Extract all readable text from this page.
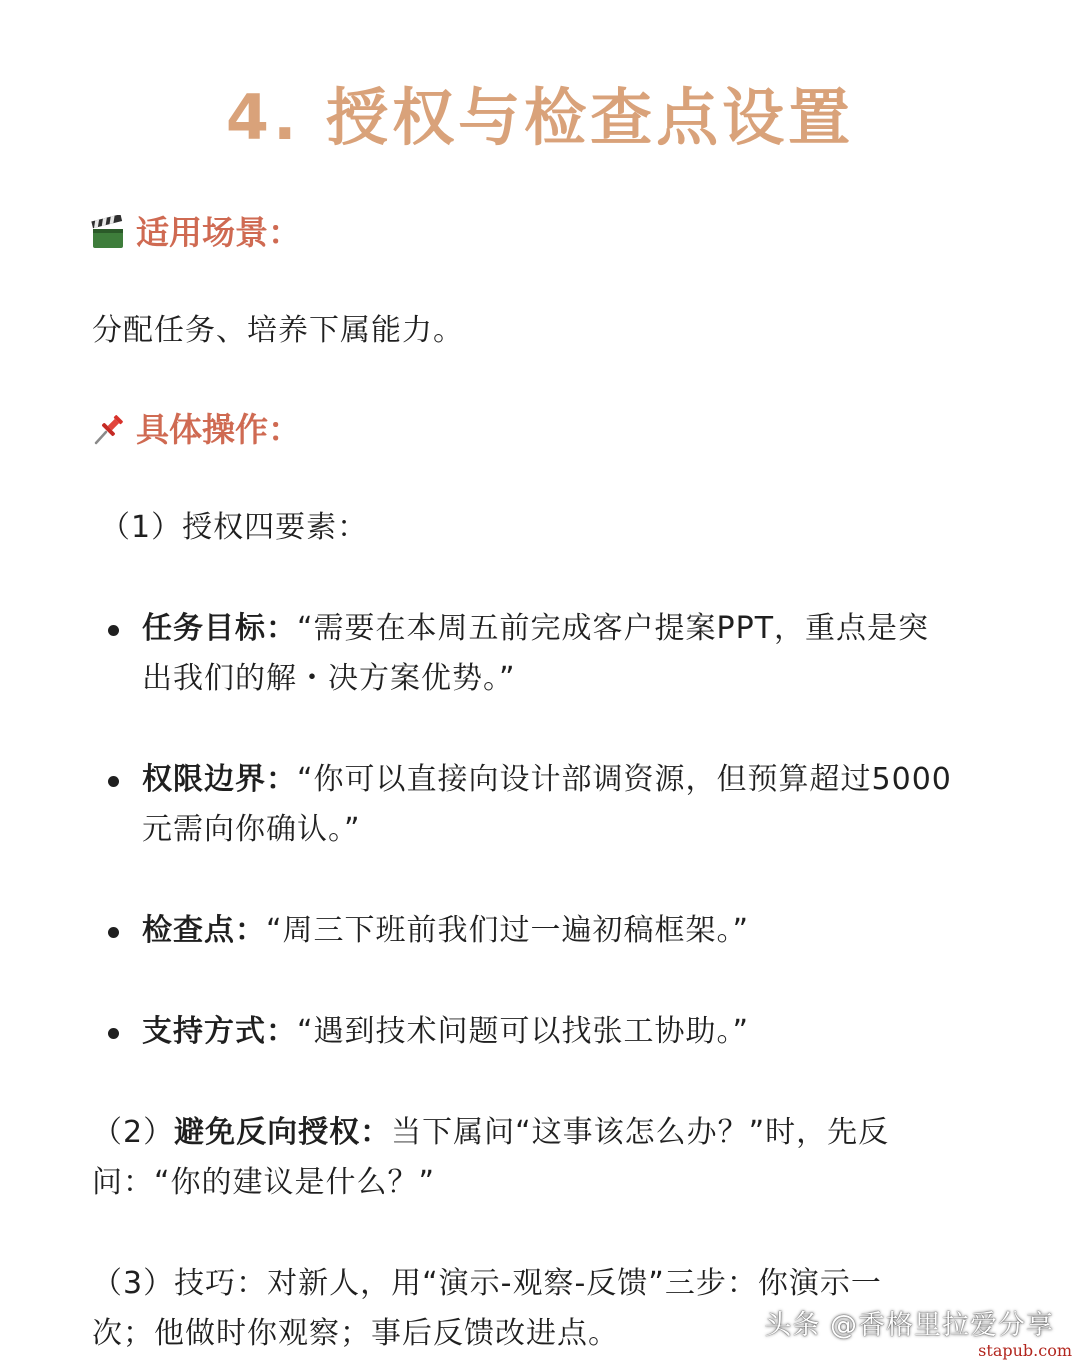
4. 授权与检查点设置
适用场景：
分配任务、培养下属能力。
具体操作：
（1）授权四要素：
任务目标：“需要在本周五前完成客户提案PPT，重点是突
出我们的解・决方案优势。”
权限边界：“你可以直接向设计部调资源，但预算超过5000
元需向你确认。”
检查点：“周三下班前我们过一遍初稿框架。”
支持方式：“遇到技术问题可以找张工协助。”
（2）避免反向授权：当下属问“这事该怎么办？”时，先反
问：“你的建议是什么？”
（3）技巧：对新人，用“演示-观察-反馈”三步：你演示一
次；他做时你观察；事后反馈改进点。	头条 @香格里拉爱分享
stapub.com
